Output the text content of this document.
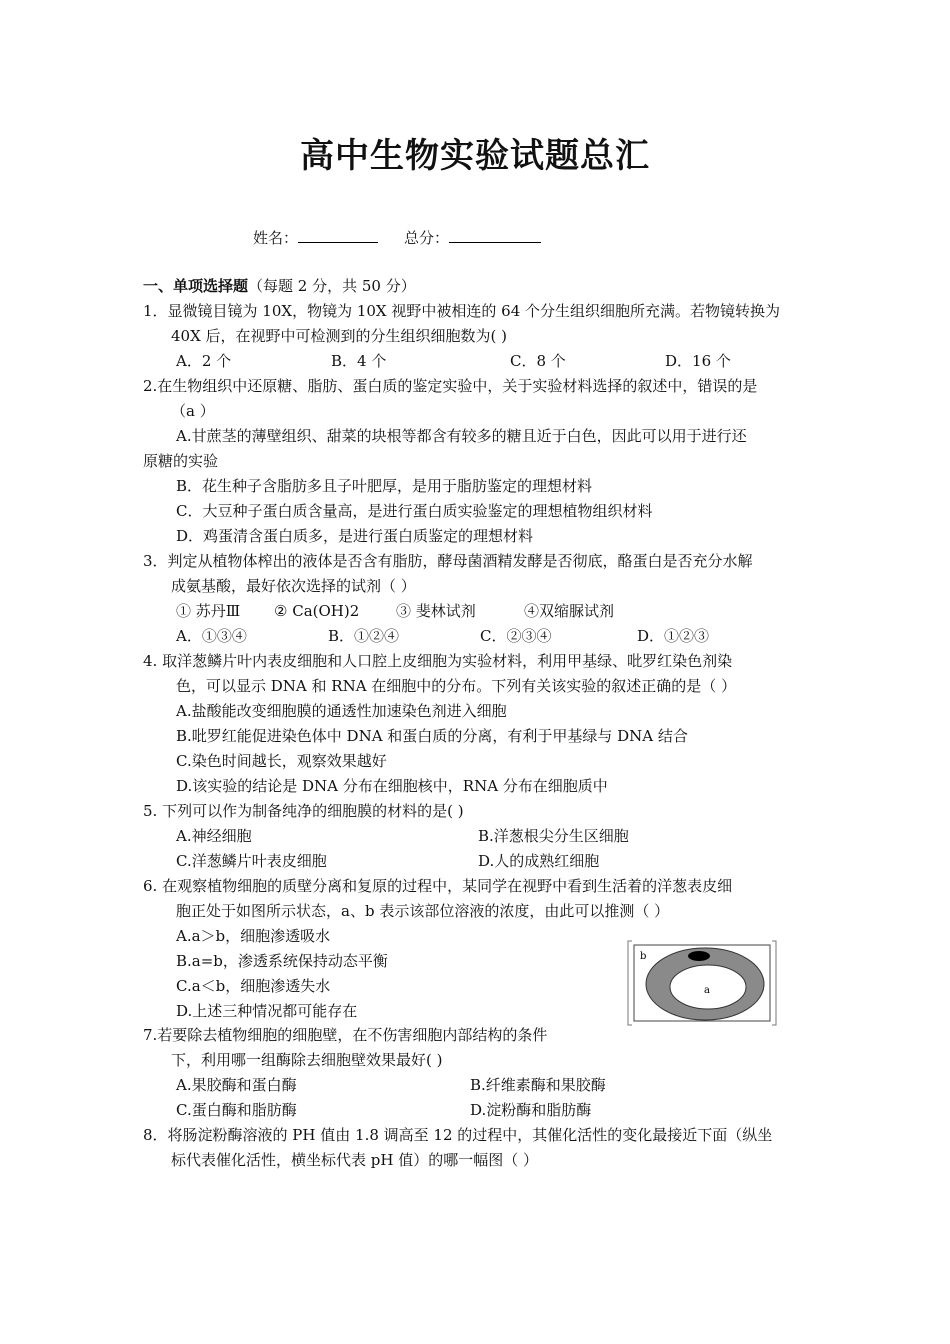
高中生物实验试题总汇
姓名：	总分：
一、单项选择题（每题 2 分，共 50 分）
1．显微镜目镜为 10X，物镜为 10X 视野中被相连的 64 个分生组织细胞所充满。若物镜转换为
40X 后，在视野中可检测到的分生组织细胞数为( )
A．2 个	B．4 个	C．8 个	D．16 个
2.在生物组织中还原糖、脂肪、蛋白质的鉴定实验中，关于实验材料选择的叙述中，错误的是
（a ）
A.甘蔗茎的薄壁组织、甜菜的块根等都含有较多的糖且近于白色，因此可以用于进行还
原糖的实验
B．花生种子含脂肪多且子叶肥厚，是用于脂肪鉴定的理想材料
C．大豆种子蛋白质含量高，是进行蛋白质实验鉴定的理想植物组织材料
D．鸡蛋清含蛋白质多，是进行蛋白质鉴定的理想材料
3．判定从植物体榨出的液体是否含有脂肪，酵母菌酒精发酵是否彻底，酪蛋白是否充分水解
成氨基酸，最好依次选择的试剂（ ）
① 苏丹Ⅲ ② Ca(OH)2 ③ 斐林试剂	④双缩脲试剂
A．①③④	B．①②④	C．②③④	D．①②③
4. 取洋葱鳞片叶内表皮细胞和人口腔上皮细胞为实验材料，利用甲基绿、吡罗红染色剂染
色，可以显示 DNA 和 RNA 在细胞中的分布。下列有关该实验的叙述正确的是（ ）
A.盐酸能改变细胞膜的通透性加速染色剂进入细胞
B.吡罗红能促进染色体中 DNA 和蛋白质的分离，有利于甲基绿与 DNA 结合
C.染色时间越长，观察效果越好
D.该实验的结论是 DNA 分布在细胞核中，RNA 分布在细胞质中
5. 下列可以作为制备纯净的细胞膜的材料的是( )
A.神经细胞	B.洋葱根尖分生区细胞
C.洋葱鳞片叶表皮细胞	D.人的成熟红细胞
6. 在观察植物细胞的质壁分离和复原的过程中，某同学在视野中看到生活着的洋葱表皮细
胞正处于如图所示状态，a、b 表示该部位溶液的浓度，由此可以推测（ ）
A.a＞b，细胞渗透吸水
B.a=b，渗透系统保持动态平衡
C.a＜b，细胞渗透失水
D.上述三种情况都可能存在
b
a
7.若要除去植物细胞的细胞壁，在不伤害细胞内部结构的条件
下，利用哪一组酶除去细胞壁效果最好( )
A.果胶酶和蛋白酶	B.纤维素酶和果胶酶
C.蛋白酶和脂肪酶	D.淀粉酶和脂肪酶
8．将肠淀粉酶溶液的 PH 值由 1.8 调高至 12 的过程中，其催化活性的变化最接近下面（纵坐
标代表催化活性，横坐标代表 pH 值）的哪一幅图（ ）
